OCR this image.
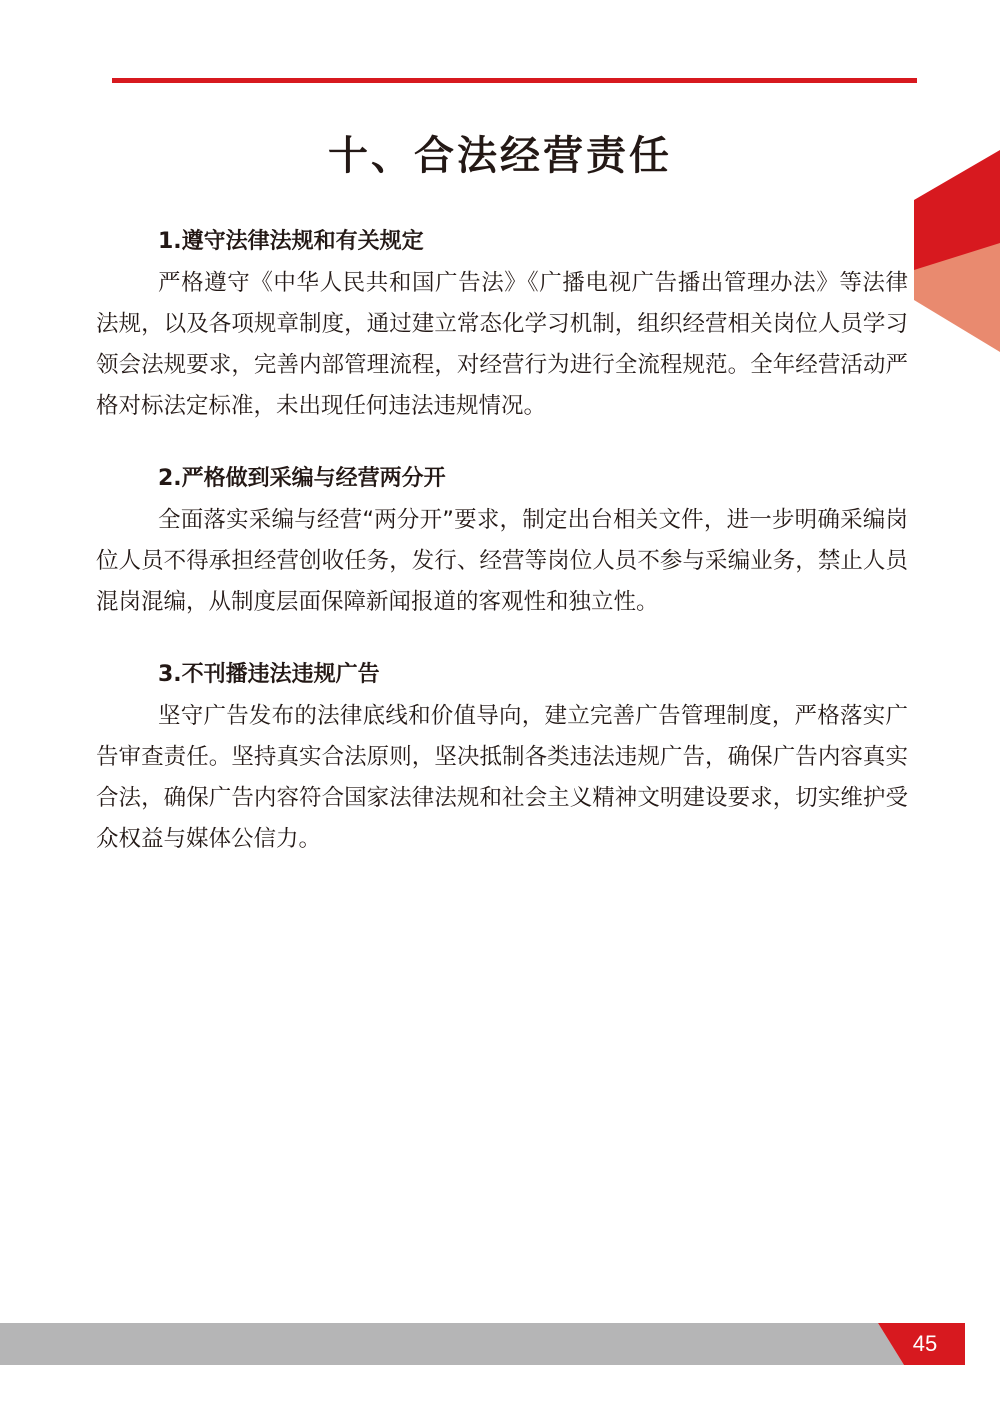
十、合法经营责任
1.遵守法律法规和有关规定

严格遵守《中华人民共和国广告法》《广播电视广告播出管理办法》等法律法规，以及各项规章制度，通过建立常态化学习机制，组织经营相关岗位人员学习领会法规要求，完善内部管理流程，对经营行为进行全流程规范。全年经营活动严格对标法定标准，未出现任何违法违规情况。

2.严格做到采编与经营两分开

全面落实采编与经营“两分开”要求，制定出台相关文件，进一步明确采编岗位人员不得承担经营创收任务，发行、经营等岗位人员不参与采编业务，禁止人员混岗混编，从制度层面保障新闻报道的客观性和独立性。

3.不刊播违法违规广告

坚守广告发布的法律底线和价值导向，建立完善广告管理制度，严格落实广告审查责任。坚持真实合法原则，坚决抵制各类违法违规广告，确保广告内容真实合法，确保广告内容符合国家法律法规和社会主义精神文明建设要求，切实维护受众权益与媒体公信力。

45
